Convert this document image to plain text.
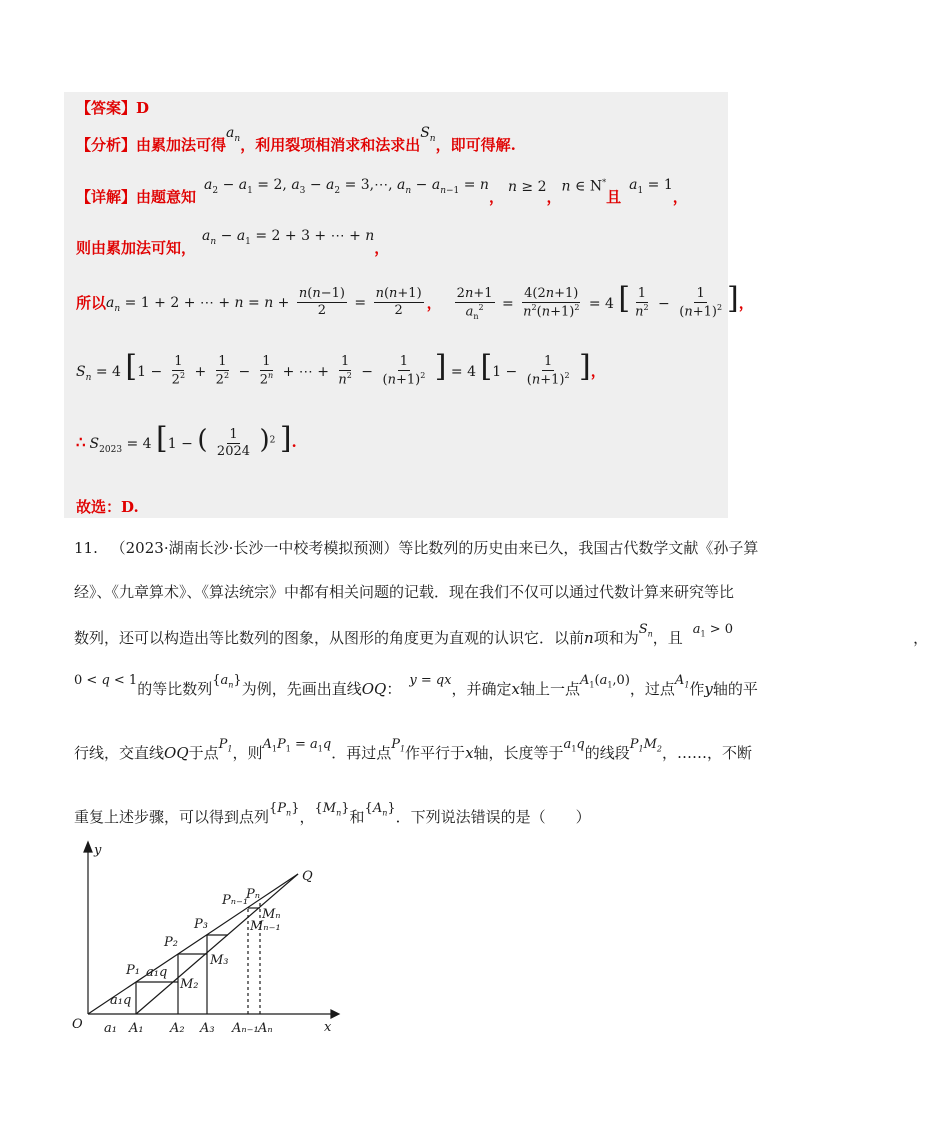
【答案】 D
【分析】 由累加法可得
$a_n$ ，利用裂项相消求和法求出
$S_n$ ，即可得解.
【详解】 由题意知
$a_2 - a_1 = 2$, $a_3 - a_2$ = 3,⋯, $a_n - a_{n-1} = n$
，
n ≥ 2
，
n ∈ N*
且
$a_1 = 1$
，
则由累加法可知，
$a_n - a_1 = 2 + 3$ + ⋯ + n
，
所以 $a_n = 1 + 2$ + ⋯ + $n = n + \frac{n(n-1)}{2} = \frac{n(n+1)}{2}$ ， $\frac{2n+1}{a_n^2} = \frac{4(2n+1)}{n^2(n+1)^2} = 4$ [ $\frac{1}{n^2} - \frac{1}{(n+1)^2}$ ] ，
$S_n = 4$ [$1 - \frac{1}{2^2} + \frac{1}{2^2} - \frac{1}{2^n}$ + ⋯ + $\frac{1}{n^2} - \frac{1}{(n+1)^2}$ ] = 4 [$1 - \frac{1}{(n+1)^2}$ ] ，
∴ $S_{2023} = 4$ [1 − ( $\frac{1}{2024} )^2$ ] .
故选：D.
11. （2023·湖南长沙·长沙一中校考模拟预测）等比数列的历史由来已久，我国古代数学文献《孙子算
经》、《九章算术》、《算法统宗》中都有相关问题的记载．现在我们不仅可以通过代数计算来研究等比
数列，还可以构造出等比数列的图象，从图形的角度更为直观的认识它．以前n项和为$S_n$，且 $a_1 > 0$	，
0 < q < 1的等比数列$\{a_n\}$为例，先画出直线OQ： y = qx，并确定x轴上一点$A_1(a_1,0)$，过点$A_1$作y轴的平
行线，交直线OQ于点$P_1$，则$A_1P_1 = a_1q$．再过点$P_1$作平行于x轴，长度等于$a_1q$的线段$P_1M_2$，……，不断
重复上述步骤，可以得到点列$\{P_n\}$，$\{M_n\}$和$\{A_n\}$．下列说法错误的是（　　）
y
x
O
Q
a₁ A₁ A₂ A₃ Aₙ₋₁ Aₙ
P₁
P₂
P₃
Pₙ₋₁
Pₙ
M₂
M₃
Mₙ
Mₙ₋₁
a₁q
a₁q
